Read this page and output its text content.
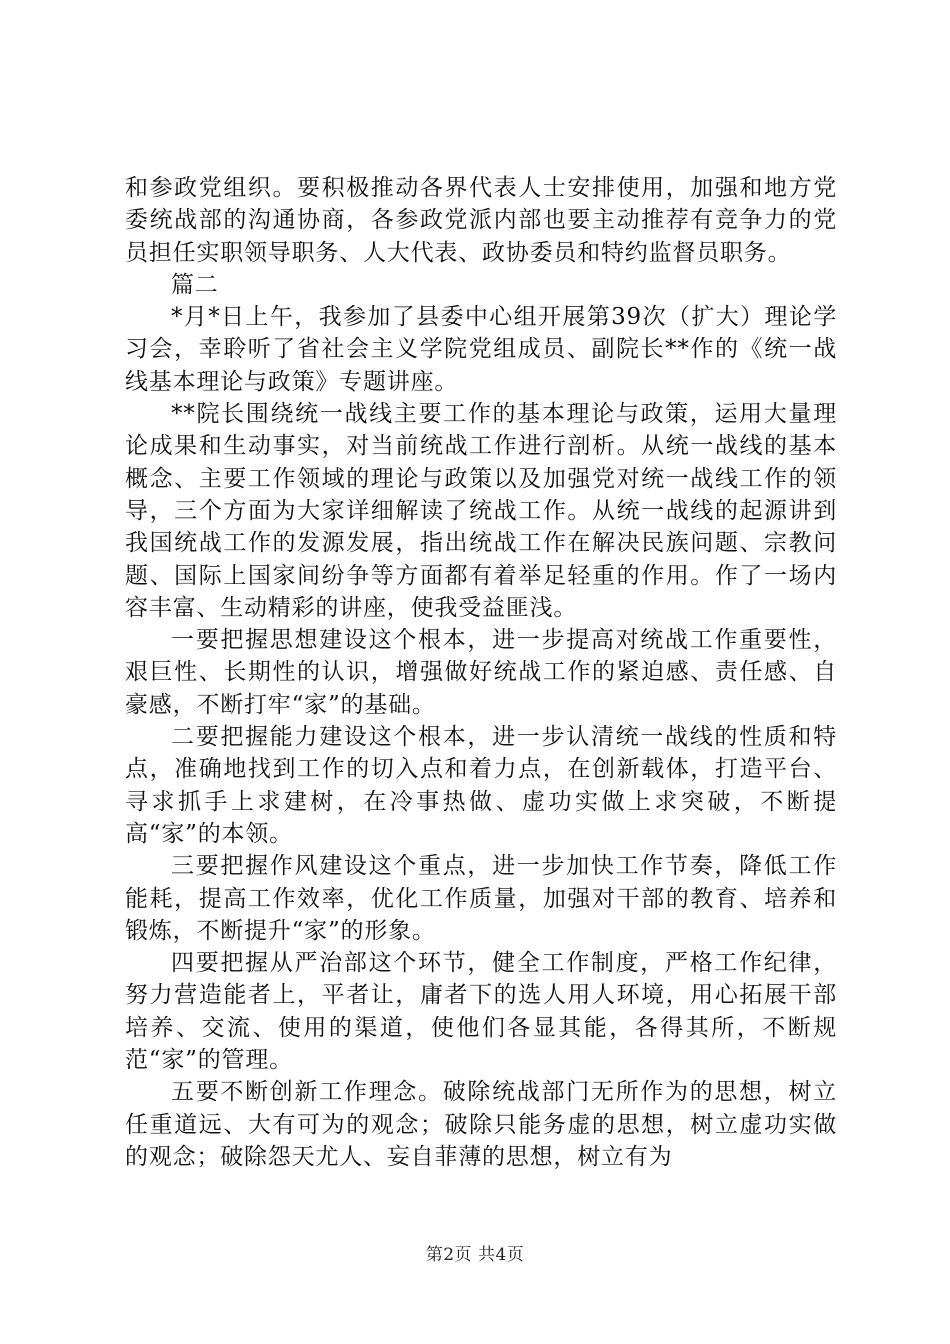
和参政党组织。要积极推动各界代表人士安排使用，加强和地方党委统战部的沟通协商，各参政党派内部也要主动推荐有竞争力的党员担任实职领导职务、人大代表、政协委员和特约监督员职务。

篇二

*月*日上午，我参加了县委中心组开展第39次（扩大）理论学习会，幸聆听了省社会主义学院党组成员、副院长**作的《统一战线基本理论与政策》专题讲座。

**院长围绕统一战线主要工作的基本理论与政策，运用大量理论成果和生动事实，对当前统战工作进行剖析。从统一战线的基本概念、主要工作领域的理论与政策以及加强党对统一战线工作的领导，三个方面为大家详细解读了统战工作。从统一战线的起源讲到我国统战工作的发源发展，指出统战工作在解决民族问题、宗教问题、国际上国家间纷争等方面都有着举足轻重的作用。作了一场内容丰富、生动精彩的讲座，使我受益匪浅。

一要把握思想建设这个根本，进一步提高对统战工作重要性，艰巨性、长期性的认识，增强做好统战工作的紧迫感、责任感、自豪感，不断打牢“家”的基础。

二要把握能力建设这个根本，进一步认清统一战线的性质和特点，准确地找到工作的切入点和着力点，在创新载体，打造平台、寻求抓手上求建树，在冷事热做、虚功实做上求突破，不断提高“家”的本领。

三要把握作风建设这个重点，进一步加快工作节奏，降低工作能耗，提高工作效率，优化工作质量，加强对干部的教育、培养和锻炼，不断提升“家”的形象。

四要把握从严治部这个环节，健全工作制度，严格工作纪律，努力营造能者上，平者让，庸者下的选人用人环境，用心拓展干部培养、交流、使用的渠道，使他们各显其能，各得其所，不断规范“家”的管理。

五要不断创新工作理念。破除统战部门无所作为的思想，树立任重道远、大有可为的观念；破除只能务虚的思想，树立虚功实做的观念；破除怨天尤人、妄自菲薄的思想，树立有为

第2页 共4页
